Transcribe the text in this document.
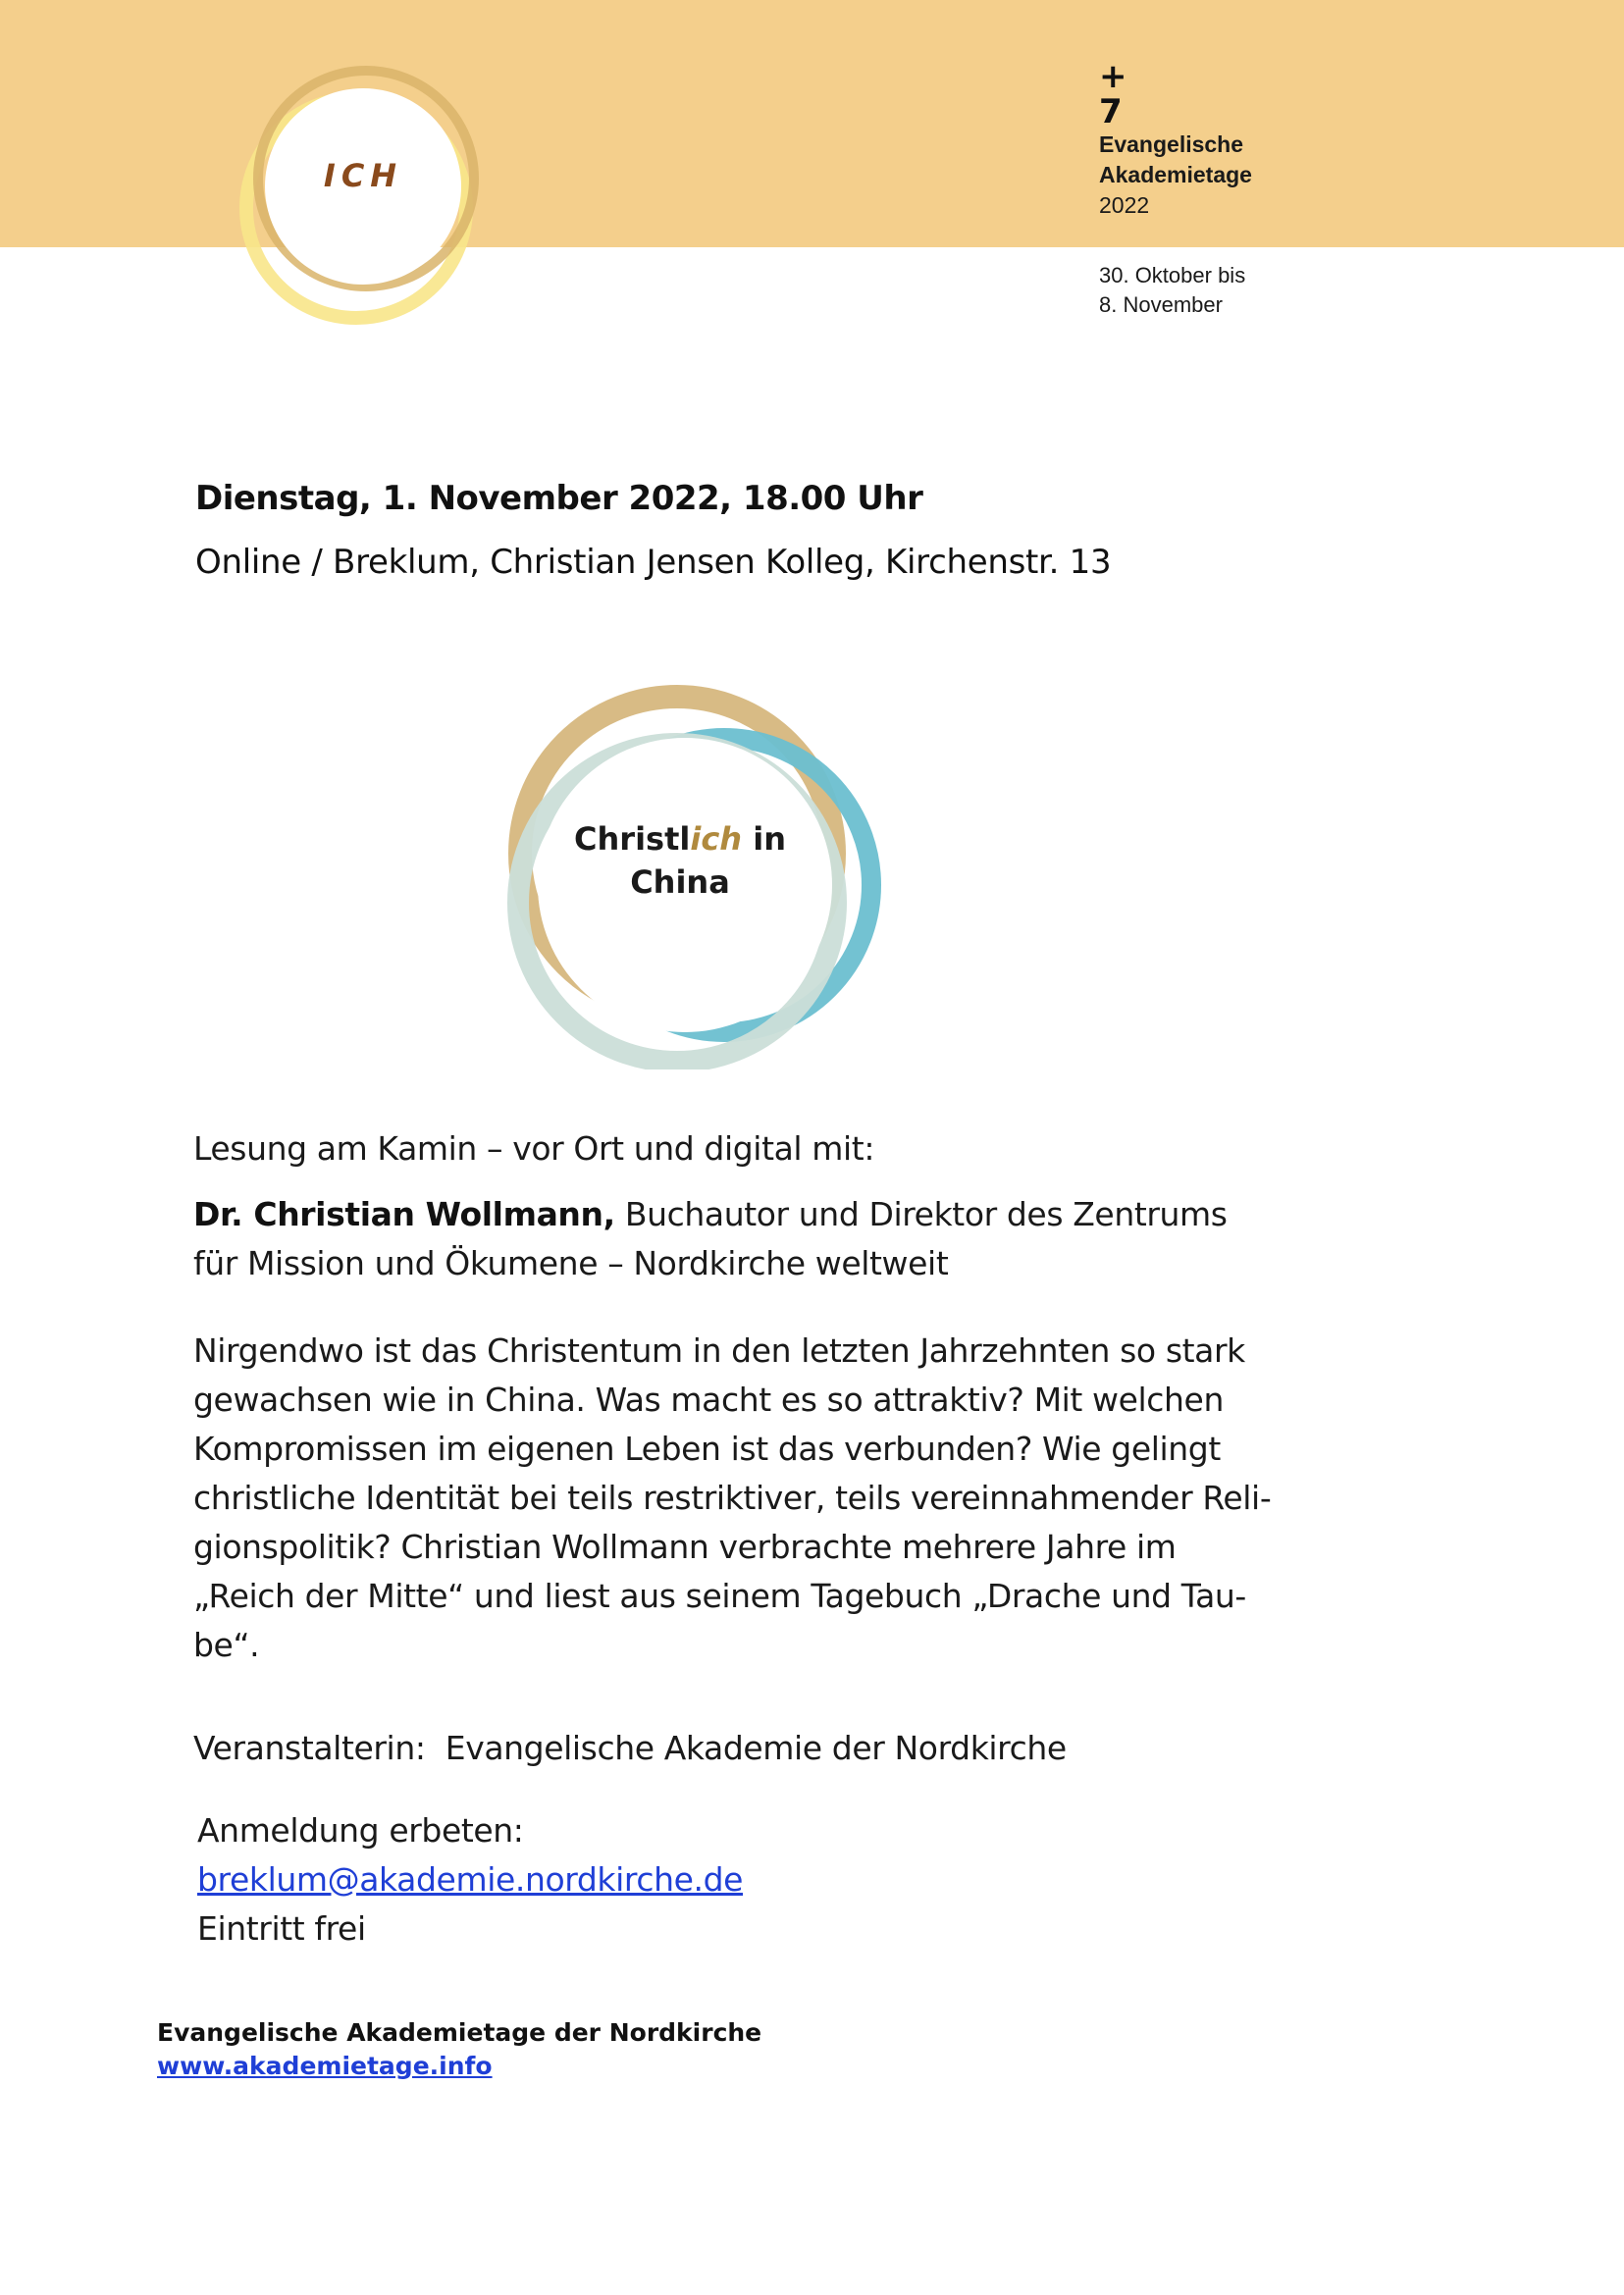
ICH
+
7
Evangelische
Akademietage
2022
30. Oktober bis
8. November
Dienstag, 1. November 2022, 18.00 Uhr
Online / Breklum, Christian Jensen Kolleg, Kirchenstr. 13
Christlich in
China
Lesung am Kamin – vor Ort und digital mit:
Dr. Christian Wollmann, Buchautor und Direktor des Zentrums
für Mission und Ökumene – Nordkirche weltweit
Nirgendwo ist das Christentum in den letzten Jahrzehnten so stark
gewachsen wie in China. Was macht es so attraktiv? Mit welchen
Kompromissen im eigenen Leben ist das verbunden? Wie gelingt
christliche Identität bei teils restriktiver, teils vereinnahmender Reli-
gionspolitik? Christian Wollmann verbrachte mehrere Jahre im
„Reich der Mitte“ und liest aus seinem Tagebuch „Drache und Tau-
be“.
Veranstalterin: Evangelische Akademie der Nordkirche
Anmeldung erbeten:
breklum@akademie.nordkirche.de
Eintritt frei
Evangelische Akademietage der Nordkirche
www.akademietage.info
